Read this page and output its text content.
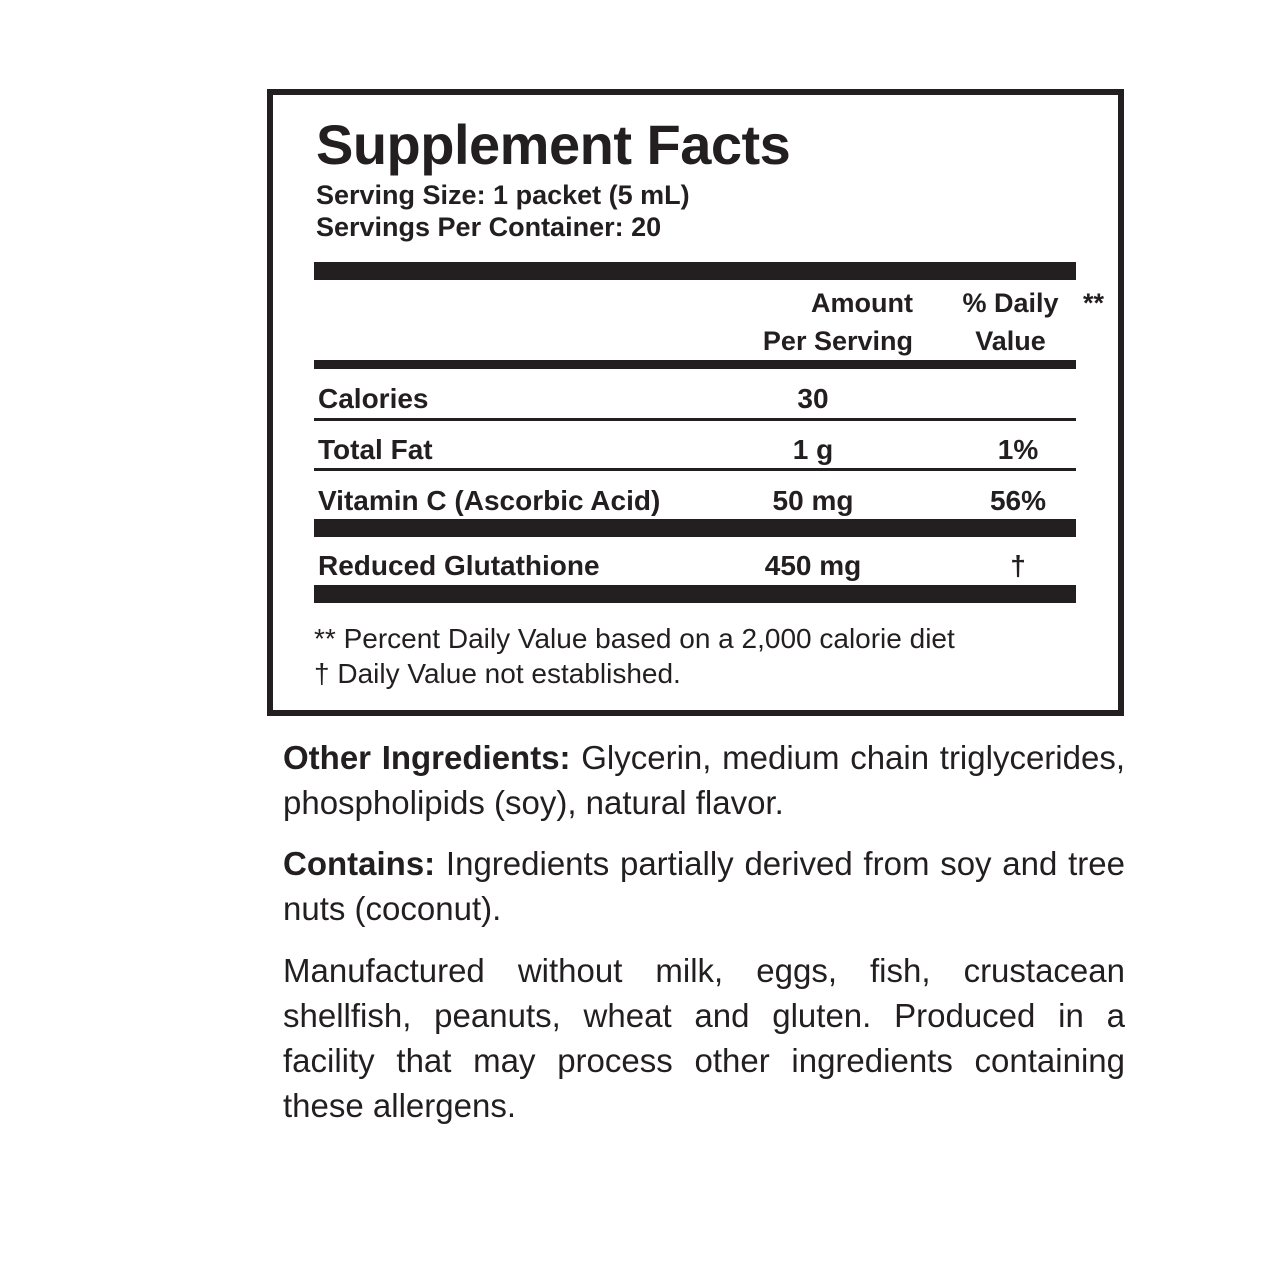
Supplement Facts
Serving Size: 1 packet (5 mL)
Servings Per Container: 20
Amount
Per Serving
% Daily **
Value
Calories	30
Total Fat	1 g	1%
Vitamin C (Ascorbic Acid)	50 mg	56%
Reduced Glutathione	450 mg	†
** Percent Daily Value based on a 2,000 calorie diet
† Daily Value not established.
Other Ingredients: Glycerin, medium chain triglycerides, phospholipids (soy), natural flavor.
Contains: Ingredients partially derived from soy and tree nuts (coconut).
Manufactured without milk, eggs, fish, crustacean shellfish, peanuts, wheat and gluten. Produced in a facility that may process other ingredients containing these allergens.
